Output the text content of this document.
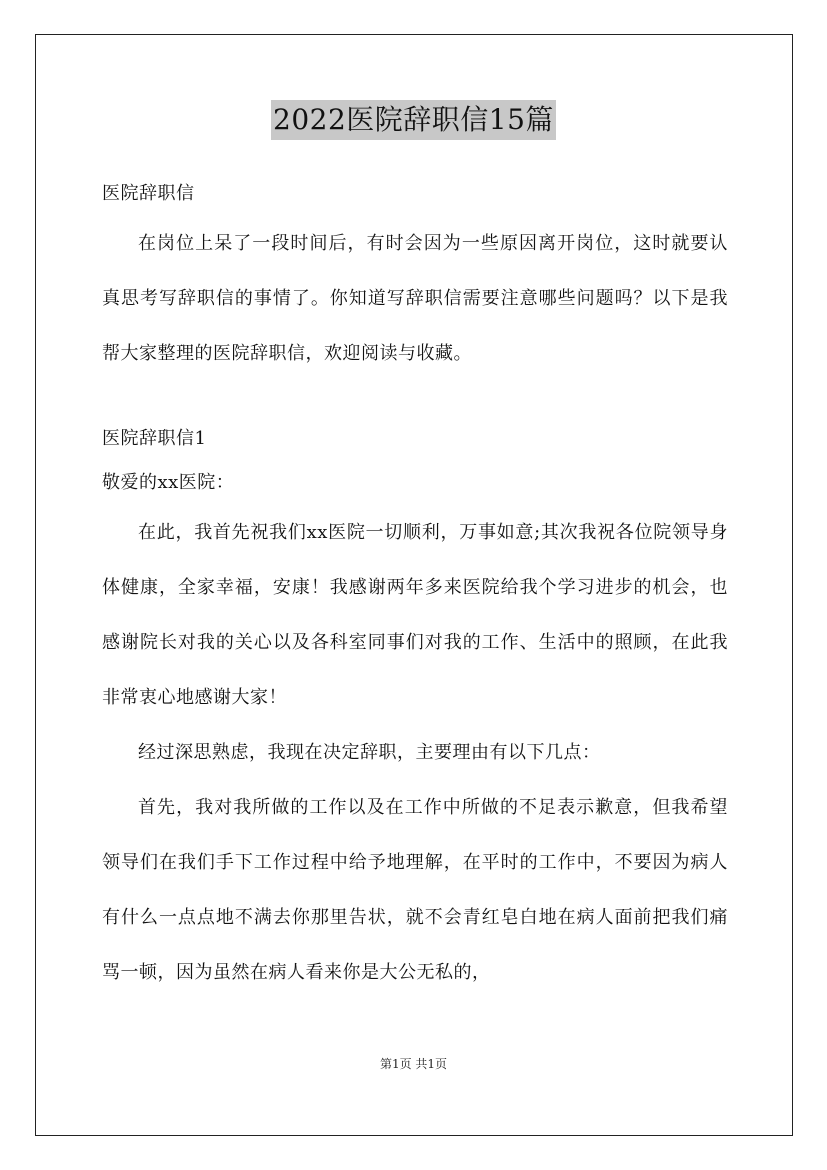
2022医院辞职信15篇
医院辞职信

在岗位上呆了一段时间后，有时会因为一些原因离开岗位，这时就要认真思考写辞职信的事情了。你知道写辞职信需要注意哪些问题吗？以下是我帮大家整理的医院辞职信，欢迎阅读与收藏。

医院辞职信1
敬爱的xx医院：

在此，我首先祝我们xx医院一切顺利，万事如意;其次我祝各位院领导身体健康，全家幸福，安康！我感谢两年多来医院给我个学习进步的机会，也感谢院长对我的关心以及各科室同事们对我的工作、生活中的照顾，在此我非常衷心地感谢大家！

经过深思熟虑，我现在决定辞职，主要理由有以下几点：

首先，我对我所做的工作以及在工作中所做的不足表示歉意，但我希望领导们在我们手下工作过程中给予地理解，在平时的工作中，不要因为病人有什么一点点地不满去你那里告状，就不会青红皂白地在病人面前把我们痛骂一顿，因为虽然在病人看来你是大公无私的，

第1页 共1页
